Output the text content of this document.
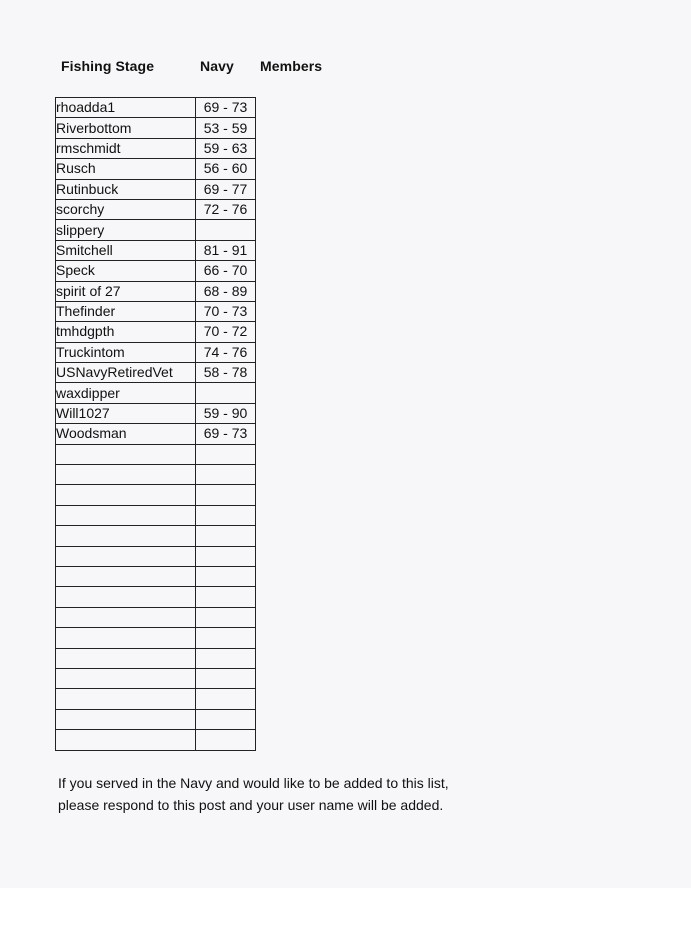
Fishing Stage	Navy Members
rhoadda1	69 - 73
Riverbottom	53 - 59
rmschmidt	59 - 63
Rusch	56 - 60
Rutinbuck	69 - 77
scorchy	72 - 76
slippery	
Smitchell	81 - 91
Speck	66 - 70
spirit of 27	68 - 89
Thefinder	70 - 73
tmhdgpth	70 - 72
Truckintom	74 - 76
USNavyRetiredVet	58 - 78
waxdipper	
Will1027	59 - 90
Woodsman	69 - 73

If you served in the Navy and would like to be added to this list,
please respond to this post and your user name will be added.
